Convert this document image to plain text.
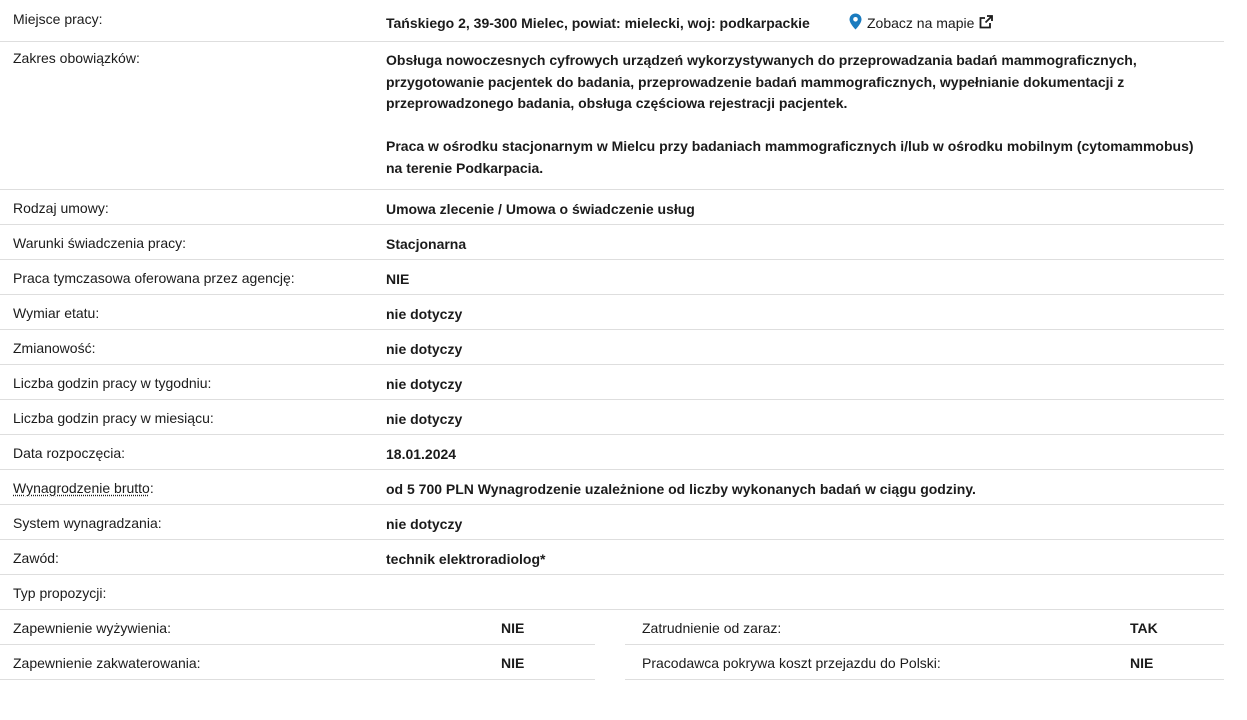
Miejsce pracy:	Tańskiego 2, 39-300 Mielec, powiat: mielecki, woj: podkarpackie	Zobacz na mapie
Zakres obowiązków:	Obsługa nowoczesnych cyfrowych urządzeń wykorzystywanych do przeprowadzania badań mammograficznych, przygotowanie pacjentek do badania, przeprowadzenie badań mammograficznych, wypełnianie dokumentacji z przeprowadzonego badania, obsługa częściowa rejestracji pacjentek.

Praca w ośrodku stacjonarnym w Mielcu przy badaniach mammograficznych i/lub w ośrodku mobilnym (cytomammobus) na terenie Podkarpacia.

Rodzaj umowy:	Umowa zlecenie / Umowa o świadczenie usług
Warunki świadczenia pracy:	Stacjonarna
Praca tymczasowa oferowana przez agencję:	NIE
Wymiar etatu:	nie dotyczy
Zmianowość:	nie dotyczy
Liczba godzin pracy w tygodniu:	nie dotyczy
Liczba godzin pracy w miesiącu:	nie dotyczy
Data rozpoczęcia:	18.01.2024
Wynagrodzenie brutto:	od 5 700 PLN Wynagrodzenie uzależnione od liczby wykonanych badań w ciągu godziny.
System wynagradzania:	nie dotyczy
Zawód:	technik elektroradiolog*
Typ propozycji:
Zapewnienie wyżywienia:	NIE	Zatrudnienie od zaraz:	TAK
Zapewnienie zakwaterowania:	NIE	Pracodawca pokrywa koszt przejazdu do Polski:	NIE
